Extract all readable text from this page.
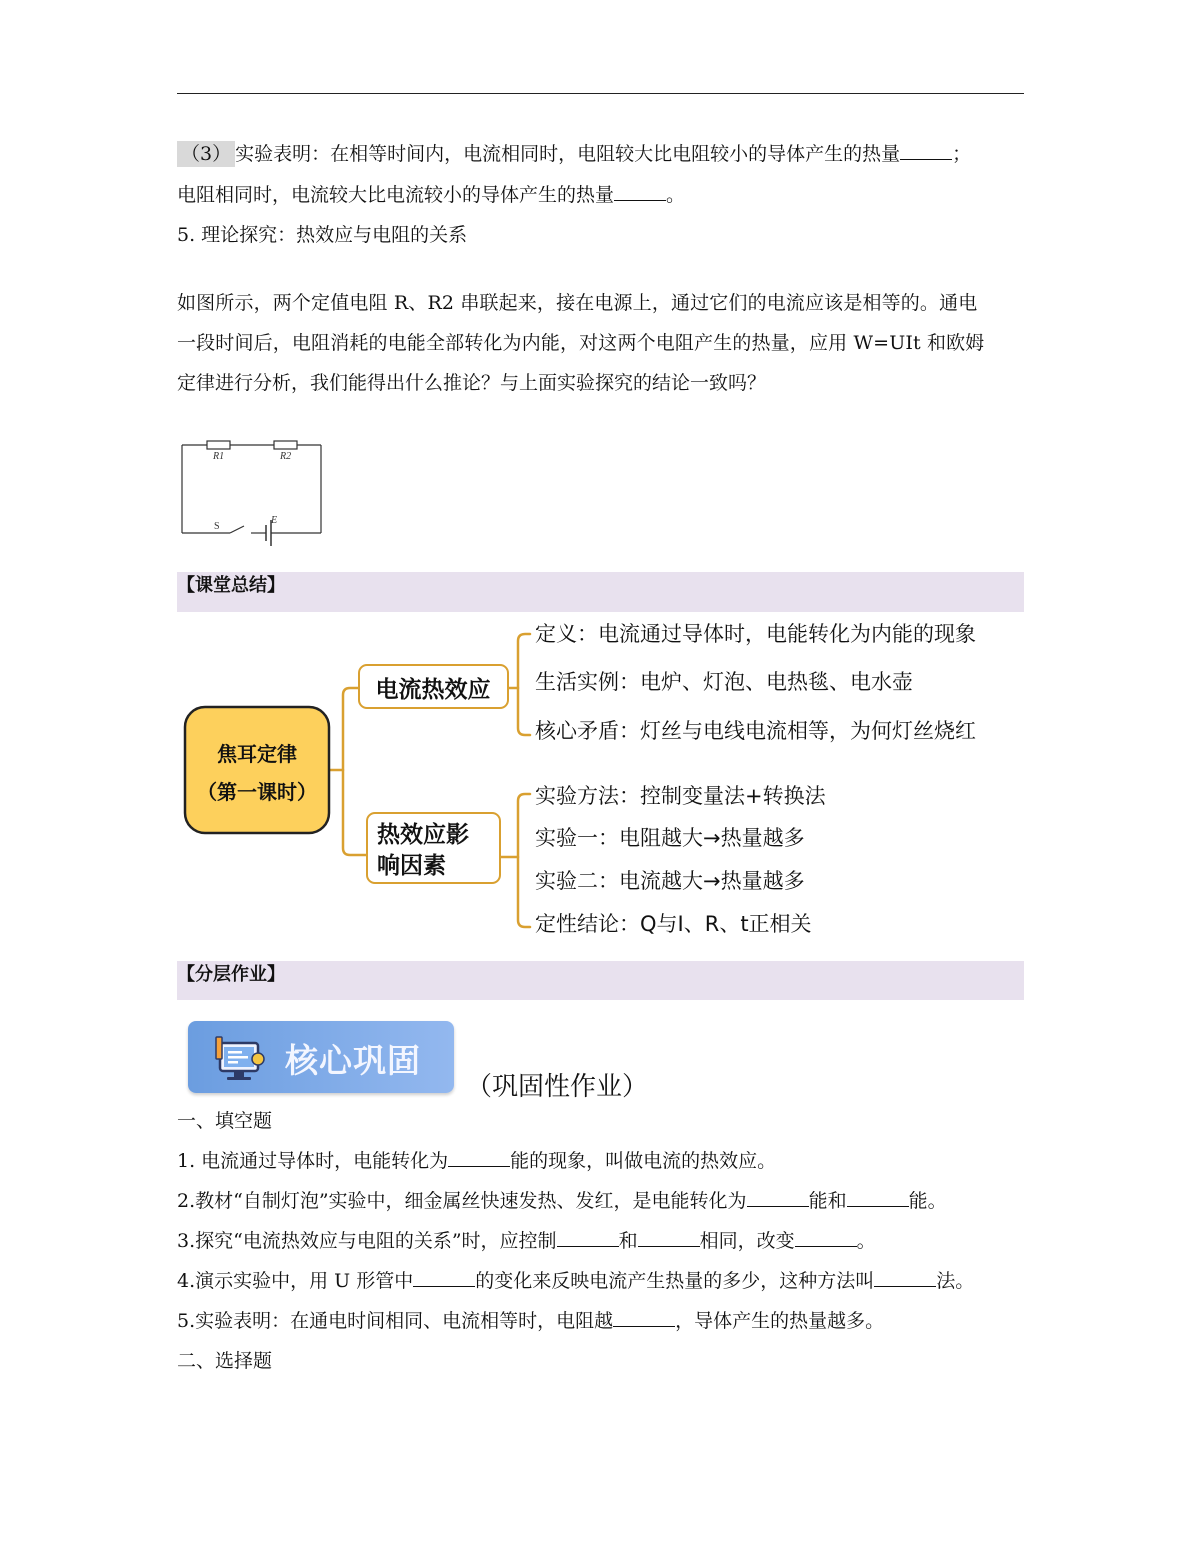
（3） 实验表明：在相等时间内，电流相同时，电阻较大比电阻较小的导体产生的热量	；
电阻相同时，电流较大比电流较小的导体产生的热量	。
5. 理论探究：热效应与电阻的关系
如图所示，两个定值电阻 R、R2 串联起来，接在电源上，通过它们的电流应该是相等的。通电
一段时间后，电阻消耗的电能全部转化为内能，对这两个电阻产生的热量，应用 W=UIt 和欧姆
定律进行分析，我们能得出什么推论？与上面实验探究的结论一致吗？
R1	R2
E
S
【课堂总结】
焦耳定律
（第一课时）
电流热效应
热效应影
响因素
定义：电流通过导体时，电能转化为内能的现象
生活实例：电炉、灯泡、电热毯、电水壶
核心矛盾：灯丝与电线电流相等，为何灯丝烧红
实验方法：控制变量法+转换法
实验一：电阻越大→热量越多
实验二：电流越大→热量越多
定性结论：Q与I、R、t正相关
【分层作业】
核心巩固
（巩固性作业）
一、填空题
1. 电流通过导体时，电能转化为	能的现象，叫做电流的热效应。
2.教材“自制灯泡”实验中，细金属丝快速发热、发红，是电能转化为	能和	能。
3.探究“电流热效应与电阻的关系”时，应控制	和	相同，改变	。
4.演示实验中，用 U 形管中	的变化来反映电流产生热量的多少，这种方法叫	法。
5.实验表明：在通电时间相同、电流相等时，电阻越	，导体产生的热量越多。
二、选择题
